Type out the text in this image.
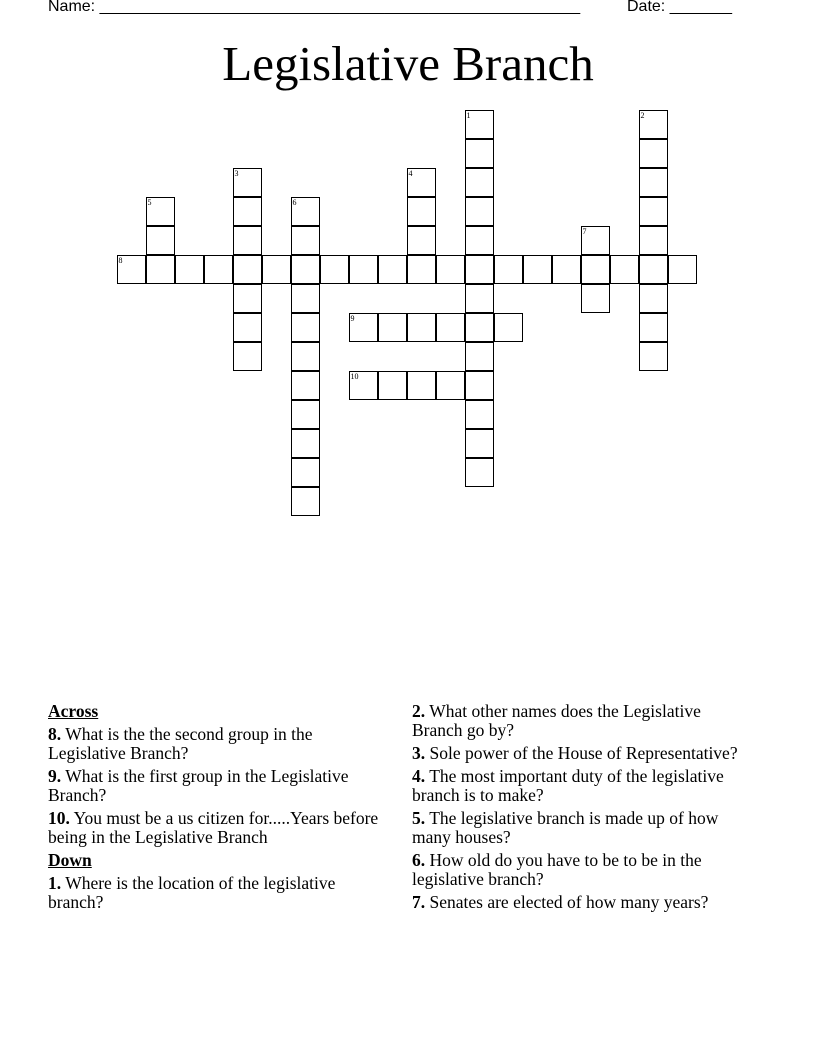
Name: ______________________________________________________	Date: _______
Legislative Branch
1	2
3	4
5	6
7
8
9
10
Across
8. What is the the second group in the Legislative Branch?
9. What is the first group in the Legislative Branch?
10. You must be a us citizen for.....Years before being in the Legislative Branch
Down
1. Where is the location of the legislative branch?
2. What other names does the Legislative Branch go by?
3. Sole power of the House of Representative?
4. The most important duty of the legislative branch is to make?
5. The legislative branch is made up of how many houses?
6. How old do you have to be to be in the legislative branch?
7. Senates are elected of how many years?
